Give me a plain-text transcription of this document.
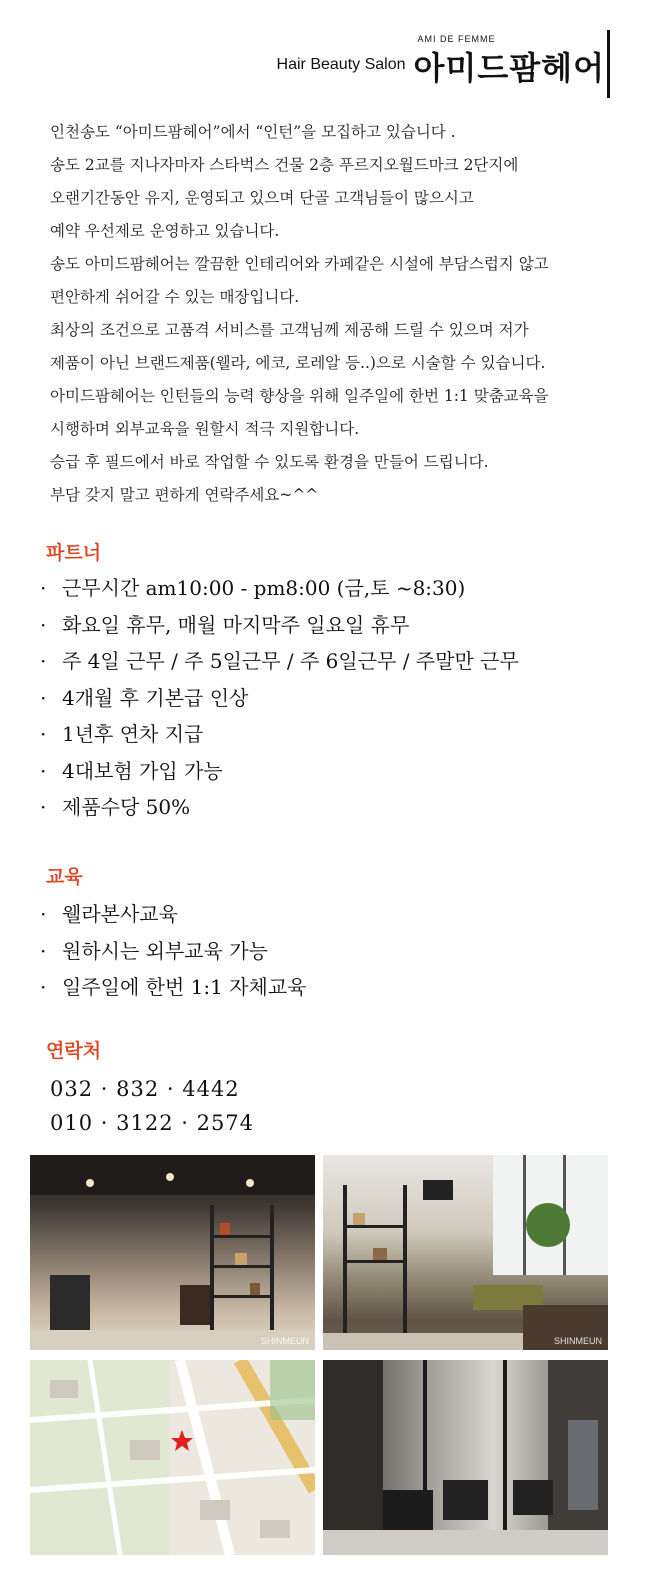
Hair Beauty Salon
AMI DE FEMME
아미드팜헤어

인천송도 “아미드팜헤어”에서 “인턴”을 모집하고 있습니다 .

송도 2교를 지나자마자 스타벅스 건물 2층 푸르지오월드마크 2단지에

오랜기간동안 유지, 운영되고 있으며 단골 고객님들이 많으시고

예약 우선제로 운영하고 있습니다.

송도 아미드팜헤어는 깔끔한 인테리어와 카페같은 시설에 부담스럽지 않고

편안하게 쉬어갈 수 있는 매장입니다.

최상의 조건으로 고품격 서비스를 고객님께 제공해 드릴 수 있으며 저가

제품이 아닌 브랜드제품(웰라, 에코, 로레알 등..)으로 시술할 수 있습니다.

아미드팜헤어는 인턴들의 능력 향상을 위해 일주일에 한번 1:1 맞춤교육을

시행하며 외부교육을 원할시 적극 지원합니다.

승급 후 필드에서 바로 작업할 수 있도록 환경을 만들어 드립니다.

부담 갖지 말고 편하게 연락주세요~^^

파트너
· 근무시간 am10:00 - pm8:00 (금,토 ~8:30)
· 화요일 휴무, 매월 마지막주 일요일 휴무
· 주 4일 근무 / 주 5일근무 / 주 6일근무 / 주말만 근무
· 4개월 후 기본급 인상
· 1년후 연차 지급
· 4대보험 가입 가능
· 제품수당 50%
교육
· 웰라본사교육
· 원하시는 외부교육 가능
· 일주일에 한번 1:1 자체교육
연락처

032 · 832 · 4442

010 · 3122 · 2574

SHINMEUN	SHINMEUN
